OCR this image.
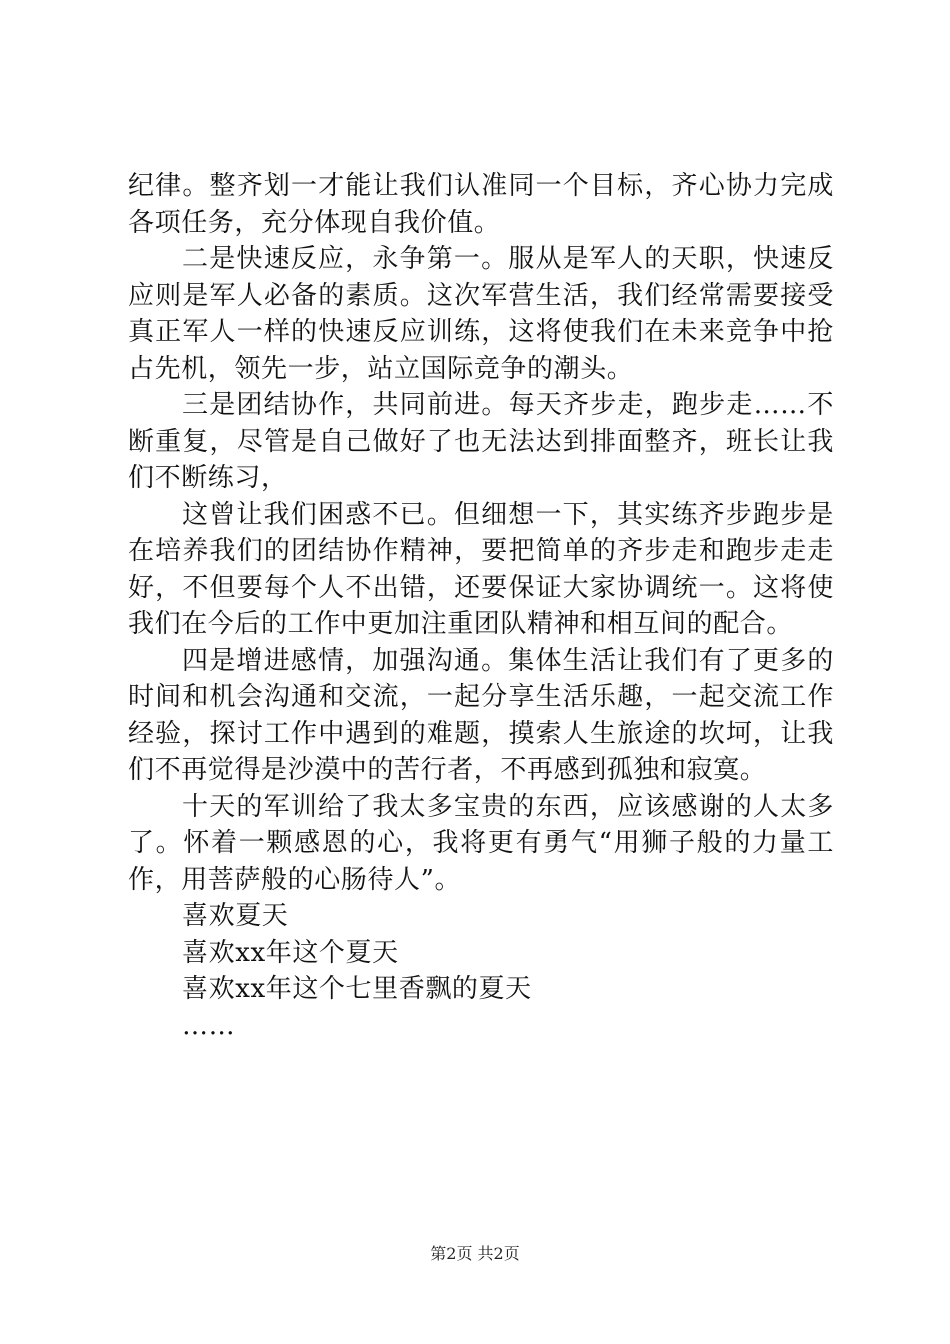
纪律。整齐划一才能让我们认准同一个目标，齐心协力完成各项任务，充分体现自我价值。

二是快速反应，永争第一。服从是军人的天职，快速反应则是军人必备的素质。这次军营生活，我们经常需要接受真正军人一样的快速反应训练，这将使我们在未来竞争中抢占先机，领先一步，站立国际竞争的潮头。

三是团结协作，共同前进。每天齐步走，跑步走……不断重复，尽管是自己做好了也无法达到排面整齐，班长让我们不断练习，

这曾让我们困惑不已。但细想一下，其实练齐步跑步是在培养我们的团结协作精神，要把简单的齐步走和跑步走走好，不但要每个人不出错，还要保证大家协调统一。这将使我们在今后的工作中更加注重团队精神和相互间的配合。

四是增进感情，加强沟通。集体生活让我们有了更多的时间和机会沟通和交流，一起分享生活乐趣，一起交流工作经验，探讨工作中遇到的难题，摸索人生旅途的坎坷，让我们不再觉得是沙漠中的苦行者，不再感到孤独和寂寞。

十天的军训给了我太多宝贵的东西，应该感谢的人太多了。怀着一颗感恩的心，我将更有勇气“用狮子般的力量工作，用菩萨般的心肠待人”。

喜欢夏天

喜欢xx年这个夏天

喜欢xx年这个七里香飘的夏天

……

第2页 共2页
